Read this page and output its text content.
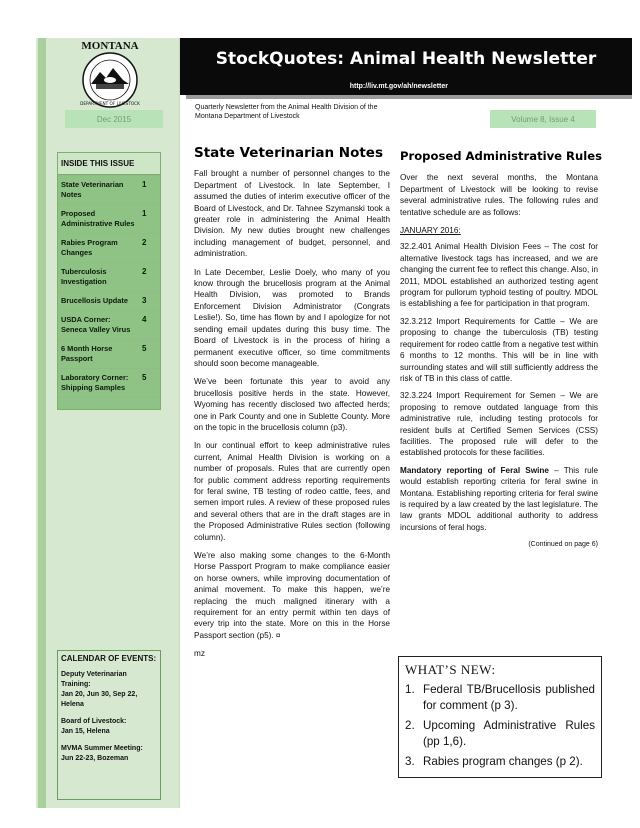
MONTANA
DEPARTMENT OF LIVESTOCK
StockQuotes: Animal Health Newsletter
http://liv.mt.gov/ah/newsletter
Quarterly Newsletter from the Animal Health Division of the Montana Department of Livestock
Dec 2015	Volume 8, Issue 4
INSIDE THIS ISSUE
State Veterinarian Notes
1
Proposed Administrative Rules
1
Rabies Program Changes
2
Tuberculosis Investigation
2
Brucellosis Update	3
USDA Corner: Seneca Valley Virus
4
6 Month Horse Passport
5
Laboratory Corner: Shipping Samples
5
CALENDAR OF EVENTS:
Deputy Veterinarian Training:
Jan 20, Jun 30, Sep 22, Helena
Board of Livestock:
Jan 15, Helena
MVMA Summer Meeting:
Jun 22-23, Bozeman
State Veterinarian Notes

Fall brought a number of personnel changes to the Department of Livestock. In late September, I assumed the duties of interim executive officer of the Board of Livestock, and Dr. Tahnee Szymanski took a greater role in administering the Animal Health Division. My new duties brought new challenges including management of budget, personnel, and administration.

In Late December, Leslie Doely, who many of you know through the brucellosis program at the Animal Health Division, was promoted to Brands Enforcement Division Administrator (Congrats Leslie!). So, time has flown by and I apologize for not sending email updates during this busy time. The Board of Livestock is in the process of hiring a permanent executive officer, so time commitments should soon become manageable.

We’ve been fortunate this year to avoid any brucellosis positive herds in the state. However, Wyoming has recently disclosed two affected herds; one in Park County and one in Sublette County. More on the topic in the brucellosis column (p3).

In our continual effort to keep administrative rules current, Animal Health Division is working on a number of proposals. Rules that are currently open for public comment address reporting requirements for feral swine, TB testing of rodeo cattle, fees, and semen import rules. A review of these proposed rules and several others that are in the draft stages are in the Proposed Administrative Rules section (following column).

We’re also making some changes to the 6-Month Horse Passport Program to make compliance easier on horse owners, while improving documentation of animal movement. To make this happen, we’re replacing the much maligned itinerary with a requirement for an entry permit within ten days of every trip into the state. More on this in the Horse Passport section (p5). ¤

mz

Proposed Administrative Rules

Over the next several months, the Montana Department of Livestock will be looking to revise several administrative rules. The following rules and tentative schedule are as follows:

JANUARY 2016:

32.2.401 Animal Health Division Fees – The cost for alternative livestock tags has increased, and we are changing the current fee to reflect this change. Also, in 2011, MDOL established an authorized testing agent program for pullorum typhoid testing of poultry. MDOL is establishing a fee for participation in that program.

32.3.212 Import Requirements for Cattle – We are proposing to change the tuberculosis (TB) testing requirement for rodeo cattle from a negative test within 6 months to 12 months. This will be in line with surrounding states and will still sufficiently address the risk of TB in this class of cattle.

32.3.224 Import Requirement for Semen – We are proposing to remove outdated language from this administrative rule, including testing protocols for resident bulls at Certified Semen Services (CSS) facilities. The proposed rule will defer to the established protocols for these facilities.

Mandatory reporting of Feral Swine – This rule would establish reporting criteria for feral swine in Montana. Establishing reporting criteria for feral swine is required by a law created by the last legislature. The law grants MDOL additional authority to address incursions of feral hogs.

(Continued on page 6)

WHAT’S NEW:
1. Federal TB/Brucellosis published for comment (p 3).
2. Upcoming Administrative Rules (pp 1,6).
3. Rabies program changes (p 2).
